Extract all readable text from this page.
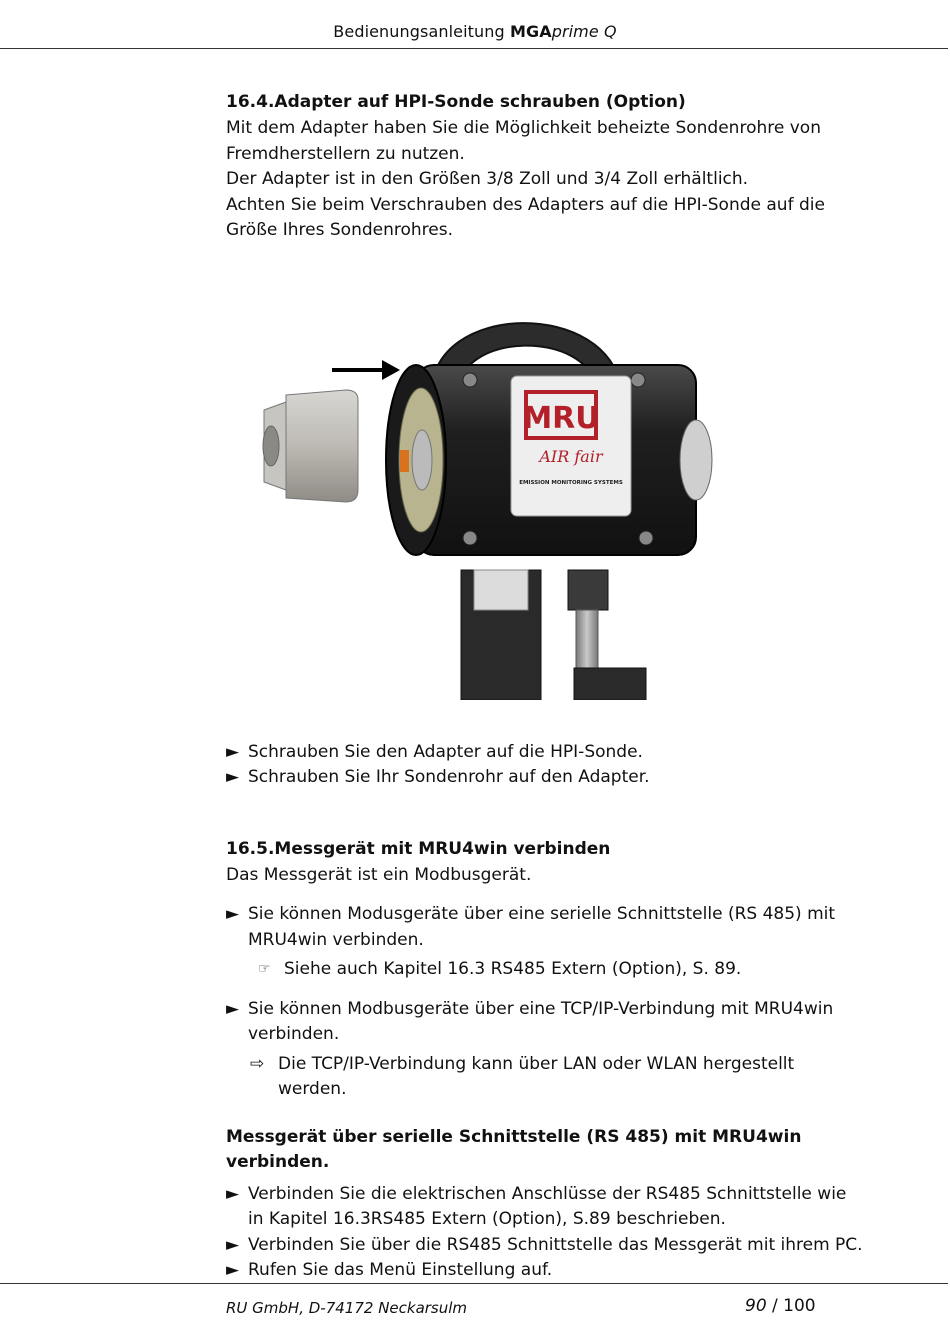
Bedienungsanleitung MGAprime Q
16.4.Adapter auf HPI-Sonde schrauben (Option)

Mit dem Adapter haben Sie die Möglichkeit beheizte Sondenrohre von Fremdherstellern zu nutzen.

Der Adapter ist in den Größen 3/8 Zoll und 3/4 Zoll erhältlich.

Achten Sie beim Verschrauben des Adapters auf die HPI-Sonde auf die Größe Ihres Sondenrohres.

MRU
AIR fair
EMISSION MONITORING SYSTEMS
► Schrauben Sie den Adapter auf die HPI-Sonde.
► Schrauben Sie Ihr Sondenrohr auf den Adapter.
16.5.Messgerät mit MRU4win verbinden

Das Messgerät ist ein Modbusgerät.

► Sie können Modusgeräte über eine serielle Schnittstelle (RS 485) mit MRU4win verbinden.
☞ Siehe auch Kapitel 16.3 RS485 Extern (Option), S. 89.
► Sie können Modbusgeräte über eine TCP/IP-Verbindung mit MRU4win verbinden.
⇨ Die TCP/IP-Verbindung kann über LAN oder WLAN hergestellt werden.

Messgerät über serielle Schnittstelle (RS 485) mit MRU4win verbinden.

► Verbinden Sie die elektrischen Anschlüsse der RS485 Schnittstelle wie in Kapitel 16.3RS485 Extern (Option), S.89 beschrieben.
► Verbinden Sie über die RS485 Schnittstelle das Messgerät mit ihrem PC.
► Rufen Sie das Menü Einstellung auf.
RU GmbH, D-74172 Neckarsulm	90 / 100
